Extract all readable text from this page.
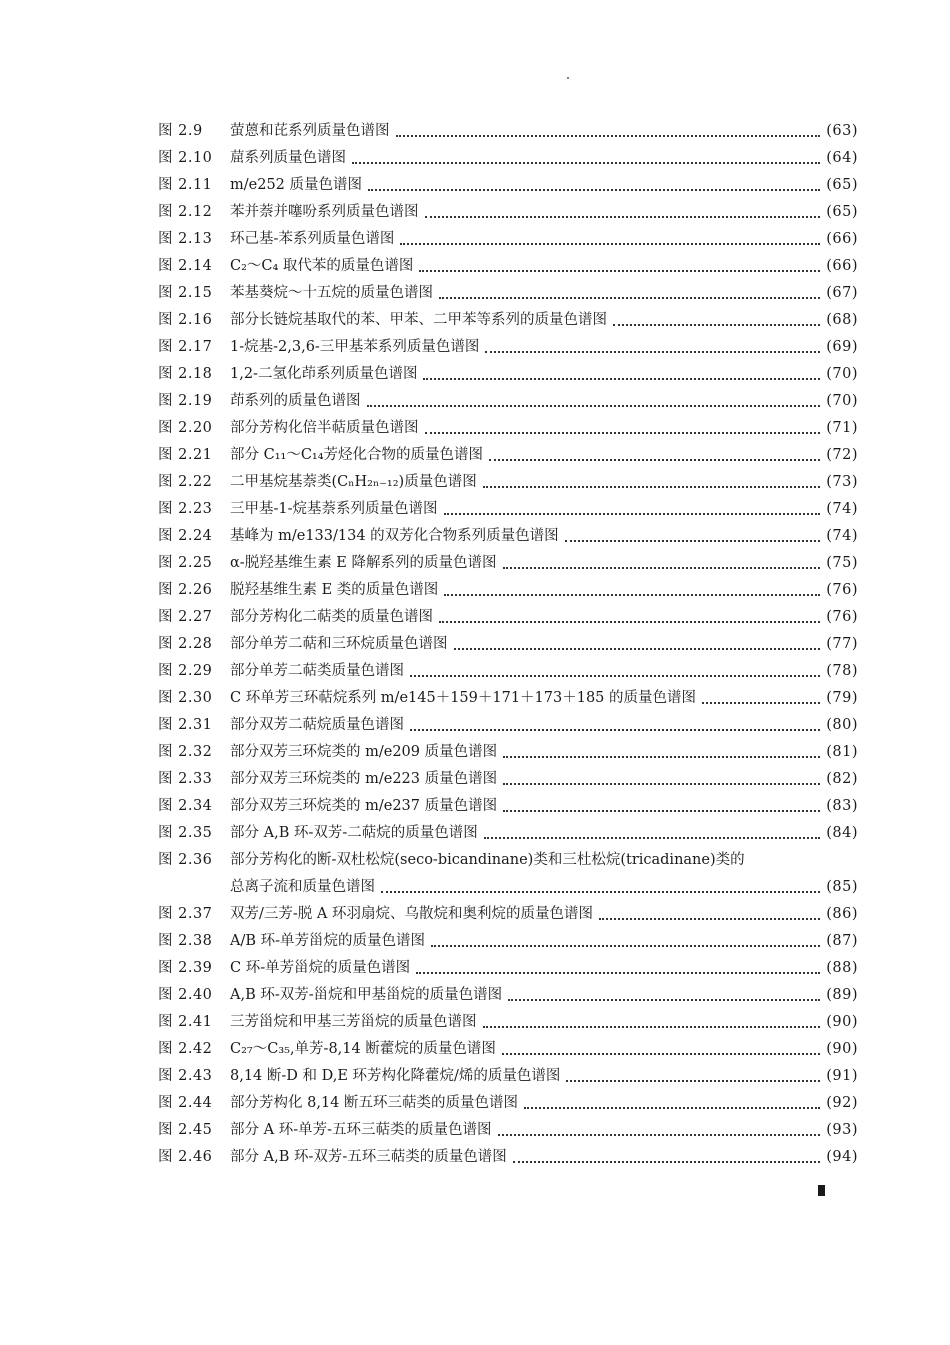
图 2.9	萤蒽和芘系列质量色谱图	(63)
图 2.10	䓛系列质量色谱图	(64)
图 2.11	m/e252 质量色谱图	(65)
图 2.12	苯并萘并噻吩系列质量色谱图	(65)
图 2.13	环己基-苯系列质量色谱图	(66)
图 2.14	C₂～C₄ 取代苯的质量色谱图	(66)
图 2.15	苯基葵烷～十五烷的质量色谱图	(67)
图 2.16	部分长链烷基取代的苯、甲苯、二甲苯等系列的质量色谱图	(68)
图 2.17	1-烷基-2,3,6-三甲基苯系列质量色谱图	(69)
图 2.18	1,2-二氢化茚系列质量色谱图	(70)
图 2.19	茚系列的质量色谱图	(70)
图 2.20	部分芳构化倍半萜质量色谱图	(71)
图 2.21	部分 C₁₁～C₁₄芳烃化合物的质量色谱图	(72)
图 2.22	二甲基烷基萘类(CₙH₂ₙ₋₁₂)质量色谱图	(73)
图 2.23	三甲基-1-烷基萘系列质量色谱图	(74)
图 2.24	基峰为 m/e133/134 的双芳化合物系列质量色谱图	(74)
图 2.25	α-脱羟基维生素 E 降解系列的质量色谱图	(75)
图 2.26	脱羟基维生素 E 类的质量色谱图	(76)
图 2.27	部分芳构化二萜类的质量色谱图	(76)
图 2.28	部分单芳二萜和三环烷质量色谱图	(77)
图 2.29	部分单芳二萜类质量色谱图	(78)
图 2.30	C 环单芳三环萜烷系列 m/e145＋159＋171＋173＋185 的质量色谱图	(79)
图 2.31	部分双芳二萜烷质量色谱图	(80)
图 2.32	部分双芳三环烷类的 m/e209 质量色谱图	(81)
图 2.33	部分双芳三环烷类的 m/e223 质量色谱图	(82)
图 2.34	部分双芳三环烷类的 m/e237 质量色谱图	(83)
图 2.35	部分 A,B 环-双芳-二萜烷的质量色谱图	(84)
图 2.36	部分芳构化的断-双杜松烷(seco-bicandinane)类和三杜松烷(tricadinane)类的
总离子流和质量色谱图	(85)
图 2.37	双芳/三芳-脱 A 环羽扇烷、乌散烷和奥利烷的质量色谱图	(86)
图 2.38	A/B 环-单芳甾烷的质量色谱图	(87)
图 2.39	C 环-单芳甾烷的质量色谱图	(88)
图 2.40	A,B 环-双芳-甾烷和甲基甾烷的质量色谱图	(89)
图 2.41	三芳甾烷和甲基三芳甾烷的质量色谱图	(90)
图 2.42	C₂₇～C₃₅,单芳-8,14 断藿烷的质量色谱图	(90)
图 2.43	8,14 断-D 和 D,E 环芳构化降藿烷/烯的质量色谱图	(91)
图 2.44	部分芳构化 8,14 断五环三萜类的质量色谱图	(92)
图 2.45	部分 A 环-单芳-五环三萜类的质量色谱图	(93)
图 2.46	部分 A,B 环-双芳-五环三萜类的质量色谱图	(94)
